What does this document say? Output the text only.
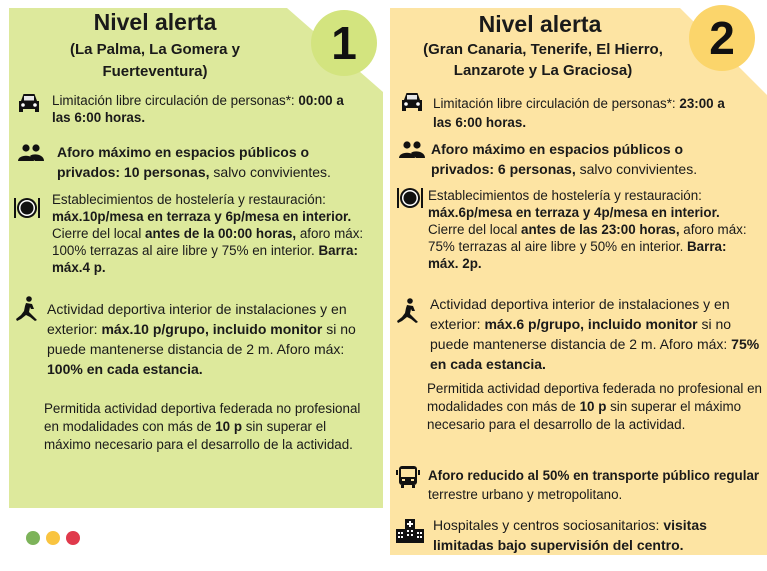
1	2
Nivel alerta
(La Palma, La Gomera y Fuerteventura)
Limitación libre circulación de personas*: 00:00 a las 6:00 horas.
Aforo máximo en espacios públicos o privados: 10 personas, salvo convivientes.
Establecimientos de hostelería y restauración: máx.10p/mesa en terraza y 6p/mesa en interior. Cierre del local antes de la 00:00 horas, aforo máx: 100% terrazas al aire libre y 75% en interior. Barra: máx.4 p.
Actividad deportiva interior de instalaciones y en exterior: máx.10 p/grupo, incluido monitor si no puede mantenerse distancia de 2 m. Aforo máx: 100% en cada estancia.
Permitida actividad deportiva federada no profesional en modalidades con más de 10 p sin superar el máximo necesario para el desarrollo de la actividad.
Nivel alerta
(Gran Canaria, Tenerife, El Hierro, Lanzarote y La Graciosa)
Limitación libre circulación de personas*: 23:00 a las 6:00 horas.
Aforo máximo en espacios públicos o privados: 6 personas, salvo convivientes.
Establecimientos de hostelería y restauración: máx.6p/mesa en terraza y 4p/mesa en interior. Cierre del local antes de las 23:00 horas, aforo máx: 75% terrazas al aire libre y 50% en interior. Barra: máx. 2p.
Actividad deportiva interior de instalaciones y en exterior: máx.6 p/grupo, incluido monitor si no puede mantenerse distancia de 2 m. Aforo máx: 75% en cada estancia.
Permitida actividad deportiva federada no profesional en modalidades con más de 10 p sin superar el máximo necesario para el desarrollo de la actividad.
Aforo reducido al 50% en transporte público regular terrestre urbano y metropolitano.
Hospitales y centros sociosanitarios: visitas limitadas bajo supervisión del centro.
